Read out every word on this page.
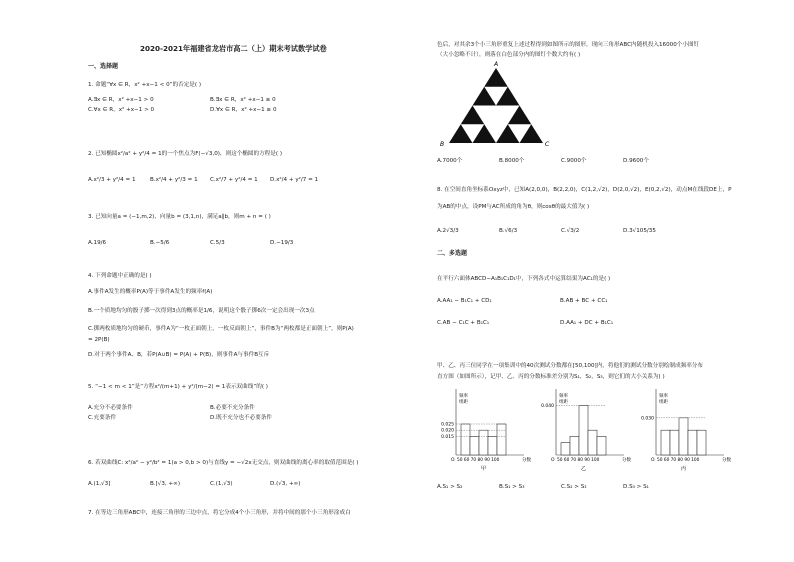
2020-2021年福建省龙岩市高二（上）期末考试数学试卷
一、选择题
1. 命题“∀x ∈ R，x² +x−1 < 0”的否定是( )
A.∃x ∈ R，x² +x−1 > 0	B.∃x ∈ R，x² +x−1 ≥ 0
C.∀x ∈ R，x² +x−1 > 0	D.∀x ∈ R，x² +x−1 ≥ 0
2. 已知椭圆x²/a² + y²/4 = 1的一个焦点为F(−√3,0)，则这个椭圆的方程是( )
A.x²/3 + y²/4 = 1	B.x²/4 + y²/3 = 1 C.x²/7 + y²/4 = 1 D.x²/4 + y²/7 = 1
3. 已知向量a = (−1,m,2)，向量b = (3,1,n)，满足a∥b，则m + n = ( )
A.19/6	B.−5/6	C.5/3	D.−19/3
4. 下列命题中正确的是( )
A.事件A发生的概率P(A)等于事件A发生的频率f(A)
B.一个质地均匀的骰子掷一次得到3点的概率是1/6，说明这个骰子掷6次一定会出现一次3点
C.掷两枚质地均匀的硬币，事件A为“一枚正面朝上，一枚反面朝上”，事件B为“两枚都是正面朝上”，则P(A)
= 2P(B)
D.对于两个事件A、B，若P(A∪B) = P(A) + P(B)，则事件A与事件B互斥
5. “−1 < m < 1”是“方程x²/(m+1) + y²/(m−2) = 1表示双曲线”的( )
A.充分不必要条件	B.必要不充分条件
C.充要条件	D.既不充分也不必要条件
6. 若双曲线C: x²/a² − y²/b² = 1(a > 0,b > 0)与直线y = −√2x无交点，则双曲线的离心率的取值范围是( )
A.(1,√3]	B.[√3, +∞)	C.(1,√3)	D.(√3, +∞)
7. 在等边三角形ABC中，连接三角形的三边中点，将它分成4个小三角形，并将中间的那个小三角形涂成白
色后，对其余3个小三角形重复上述过程得到如图所示的图形，现向三角形ABC内随机投入16000个小图钉
（大小忽略不计），则落在白色部分内的图钉个数大约有( )
A
B	C
A.7000个	B.8000个	C.9000个	D.9600个
8. 在空间直角坐标系Oxyz中，已知A(2,0,0)，B(2,2,0)，C(1,2,√2)，D(2,0,√2)，E(0,2,√2)，动点M在线段DE上，P
为AB的中点，设PM与AC所成的角为θ，则cosθ的最大值为( )
A.2√3/3	B.√6/3	C.√3/2	D.3√105/35
二、多选题
在平行六面体ABCD−A₁B₁C₁D₁中，下列各式中运算结果为AC₁的是( )
A.AA₁ − B₁C₁ + CD₁	B.AB + BC + CC₁
C.AB − C₁C + B₁C₁	D.AA₁ + DC + B₁C₁
甲、乙、丙三位同学在一项集训中的40次测试分数都在[50,100]内，将他们的测试分数分别绘制成频率分布
直方图（如图所示），记甲、乙、丙的分数标准差分别为S₁，S₂，S₃，则它们的大小关系为( )
频率
组距
0.025
0.020
0.015
O 50 60 70 80 90 100	分数
甲
频率
组距
0.040
O 50 60 70 80 90 100	分数
乙
频率
组距
0.030
O 50 60 70 80 90 100	分数
丙
A.S₁ > S₂	B.S₁ > S₃	C.S₂ > S₃	D.S₃ > S₁
